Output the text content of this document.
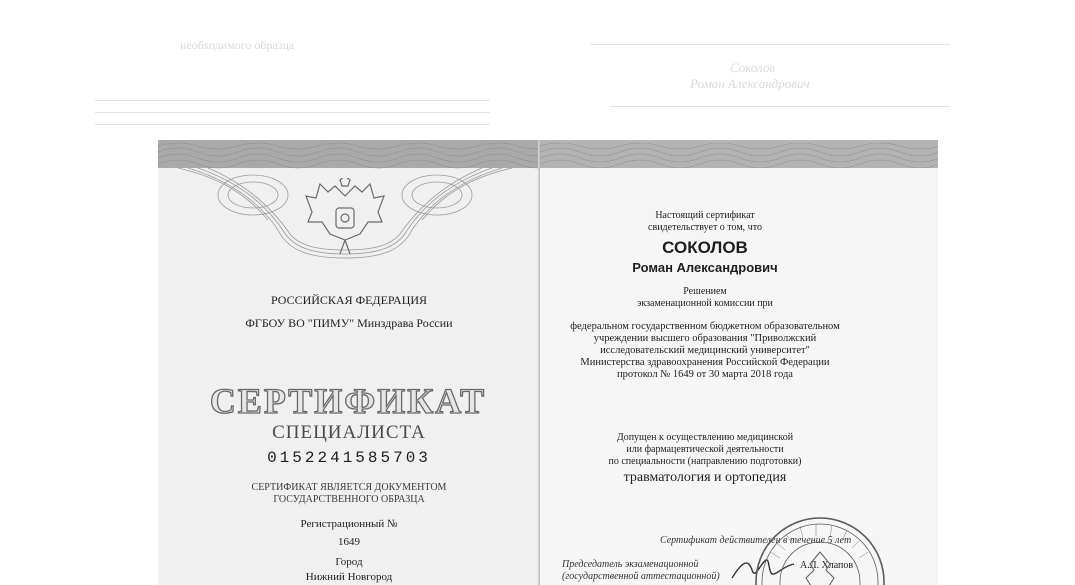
необходимого образца
Соколов
Роман Александрович
РОССИЙСКАЯ ФЕДЕРАЦИЯ
ФГБОУ ВО "ПИМУ" Минздрава России
СЕРТИФИКАТ
СПЕЦИАЛИСТА
0152241585703
СЕРТИФИКАТ ЯВЛЯЕТСЯ ДОКУМЕНТОМ
ГОСУДАРСТВЕННОГО ОБРАЗЦА
Регистрационный №
1649
Город
Нижний Новгород
Настоящий сертификат
свидетельствует о том, что
СОКОЛОВ
Роман Александрович
Решением
экзаменационной комиссии при
федеральном государственном бюджетном образовательном
учреждении высшего образования "Приволжский
исследовательский медицинский университет"
Министерства здравоохранения Российской Федерации
протокол № 1649 от 30 марта 2018 года
Допущен к осуществлению медицинской
или фармацевтической деятельности
по специальности (направлению подготовки)
травматология и ортопедия
Сертификат действителен в течение 5 лет
Председатель экзаменационной
(государственной аттестационной)
А.Л. Хлапов
